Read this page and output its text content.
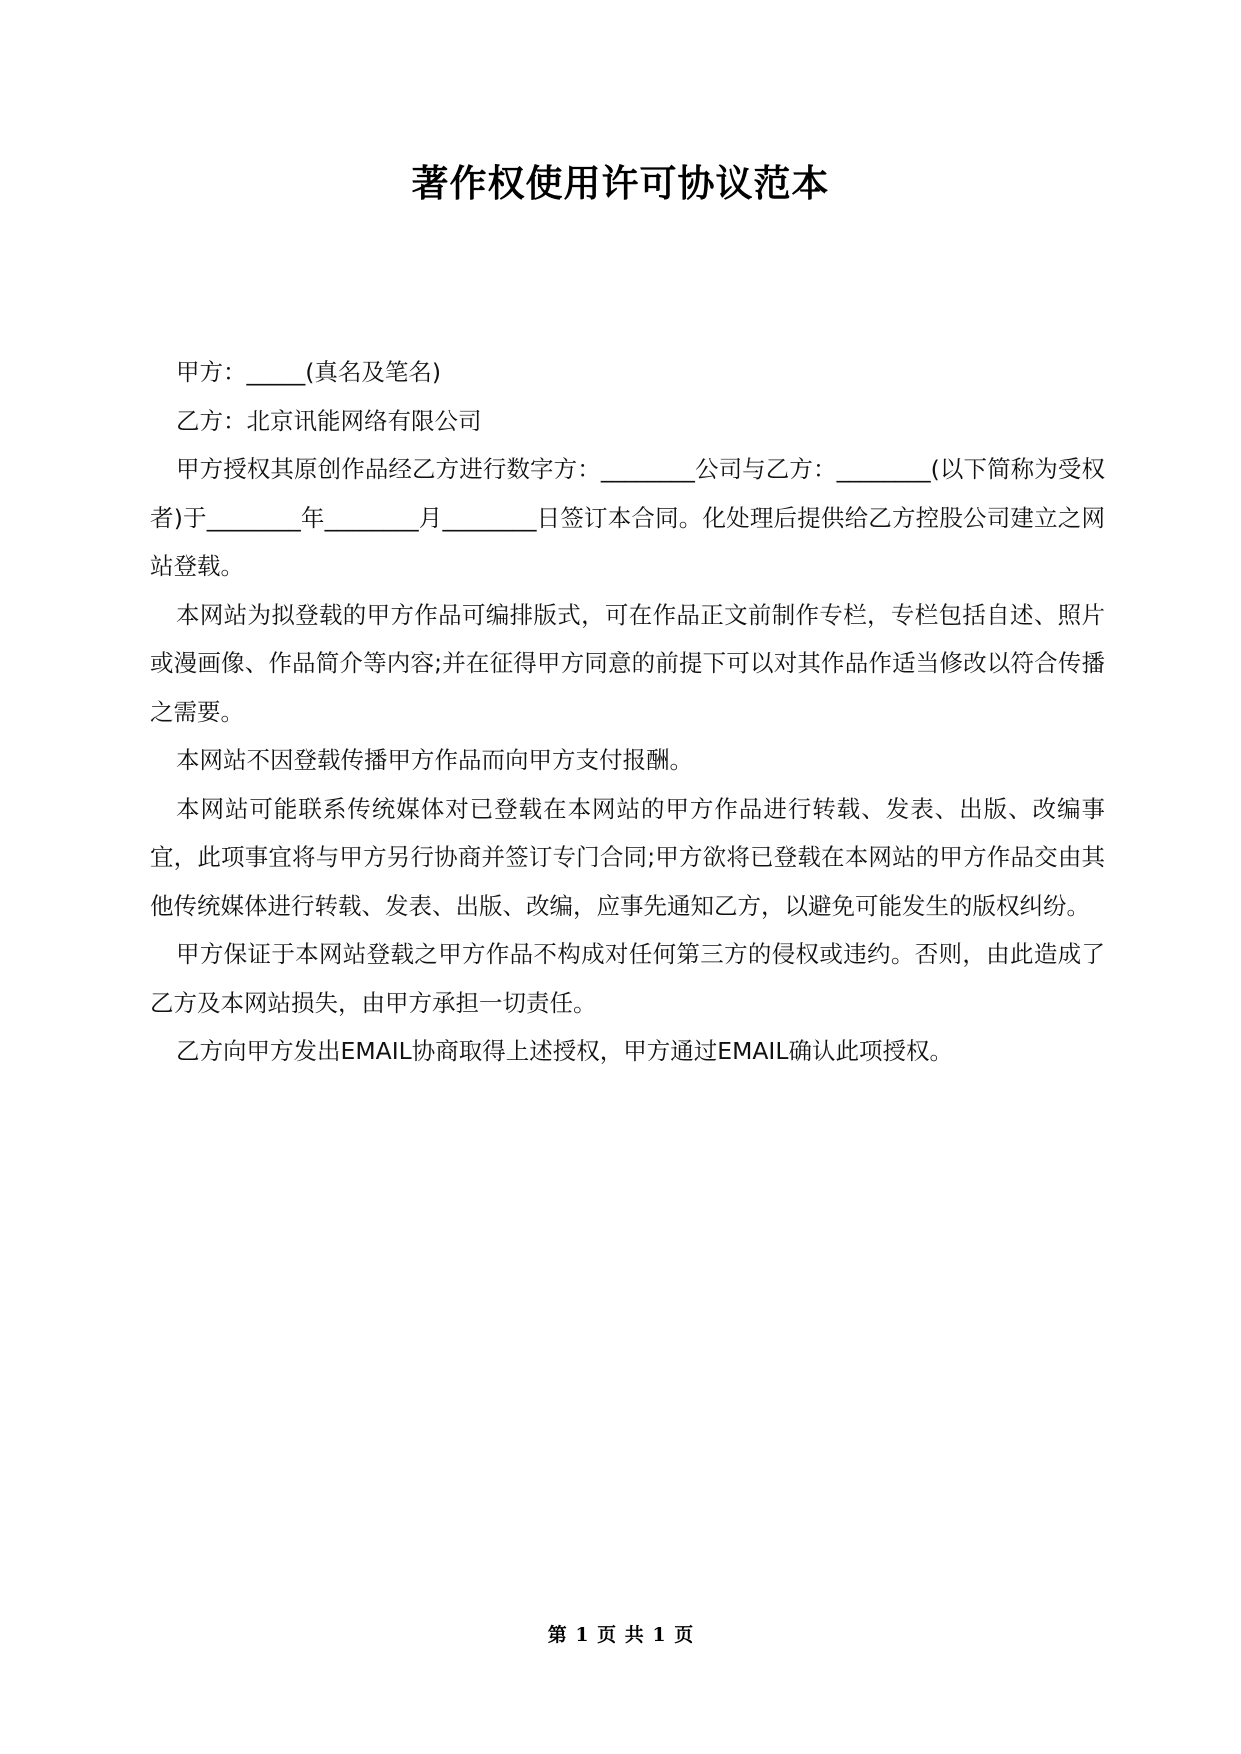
著作权使用许可协议范本

甲方：_____(真名及笔名)

乙方：北京讯能网络有限公司

甲方授权其原创作品经乙方进行数字方：________公司与乙方：________(以下简称为受权者)于________年________月________日签订本合同。化处理后提供给乙方控股公司建立之网站登载。

本网站为拟登载的甲方作品可编排版式，可在作品正文前制作专栏，专栏包括自述、照片或漫画像、作品简介等内容;并在征得甲方同意的前提下可以对其作品作适当修改以符合传播之需要。

本网站不因登载传播甲方作品而向甲方支付报酬。

本网站可能联系传统媒体对已登载在本网站的甲方作品进行转载、发表、出版、改编事宜，此项事宜将与甲方另行协商并签订专门合同;甲方欲将已登载在本网站的甲方作品交由其他传统媒体进行转载、发表、出版、改编，应事先通知乙方，以避免可能发生的版权纠纷。

甲方保证于本网站登载之甲方作品不构成对任何第三方的侵权或违约。否则，由此造成了乙方及本网站损失，由甲方承担一切责任。

乙方向甲方发出EMAIL协商取得上述授权，甲方通过EMAIL确认此项授权。

第 1 页 共 1 页
